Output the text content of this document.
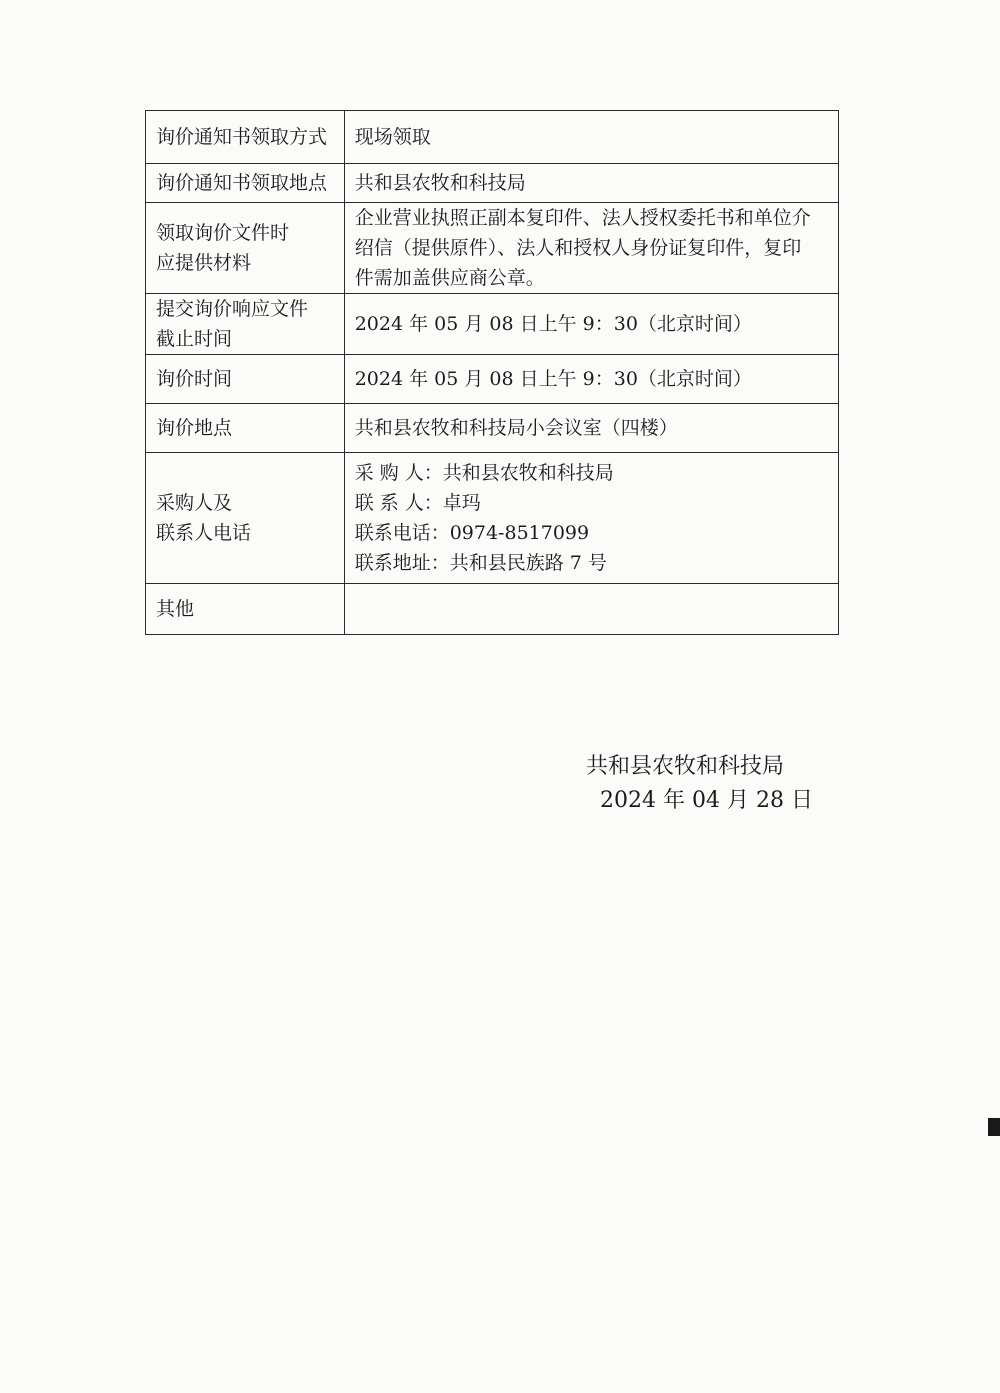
询价通知书领取方式	现场领取

询价通知书领取地点	共和县农牧和科技局

领取询价文件时
应提供材料	企业营业执照正副本复印件、法人授权委托书和单位介
绍信（提供原件）、法人和授权人身份证复印件，复印
件需加盖供应商公章。

提交询价响应文件
截止时间	2024 年 05 月 08 日上午 9：30（北京时间）

询价时间	2024 年 05 月 08 日上午 9：30（北京时间）

询价地点	共和县农牧和科技局小会议室（四楼）

采购人及
联系人电话	采 购 人：共和县农牧和科技局
联 系 人：卓玛
联系电话：0974-8517099
联系地址：共和县民族路 7 号

其他	

共和县农牧和科技局
2024 年 04 月 28 日
